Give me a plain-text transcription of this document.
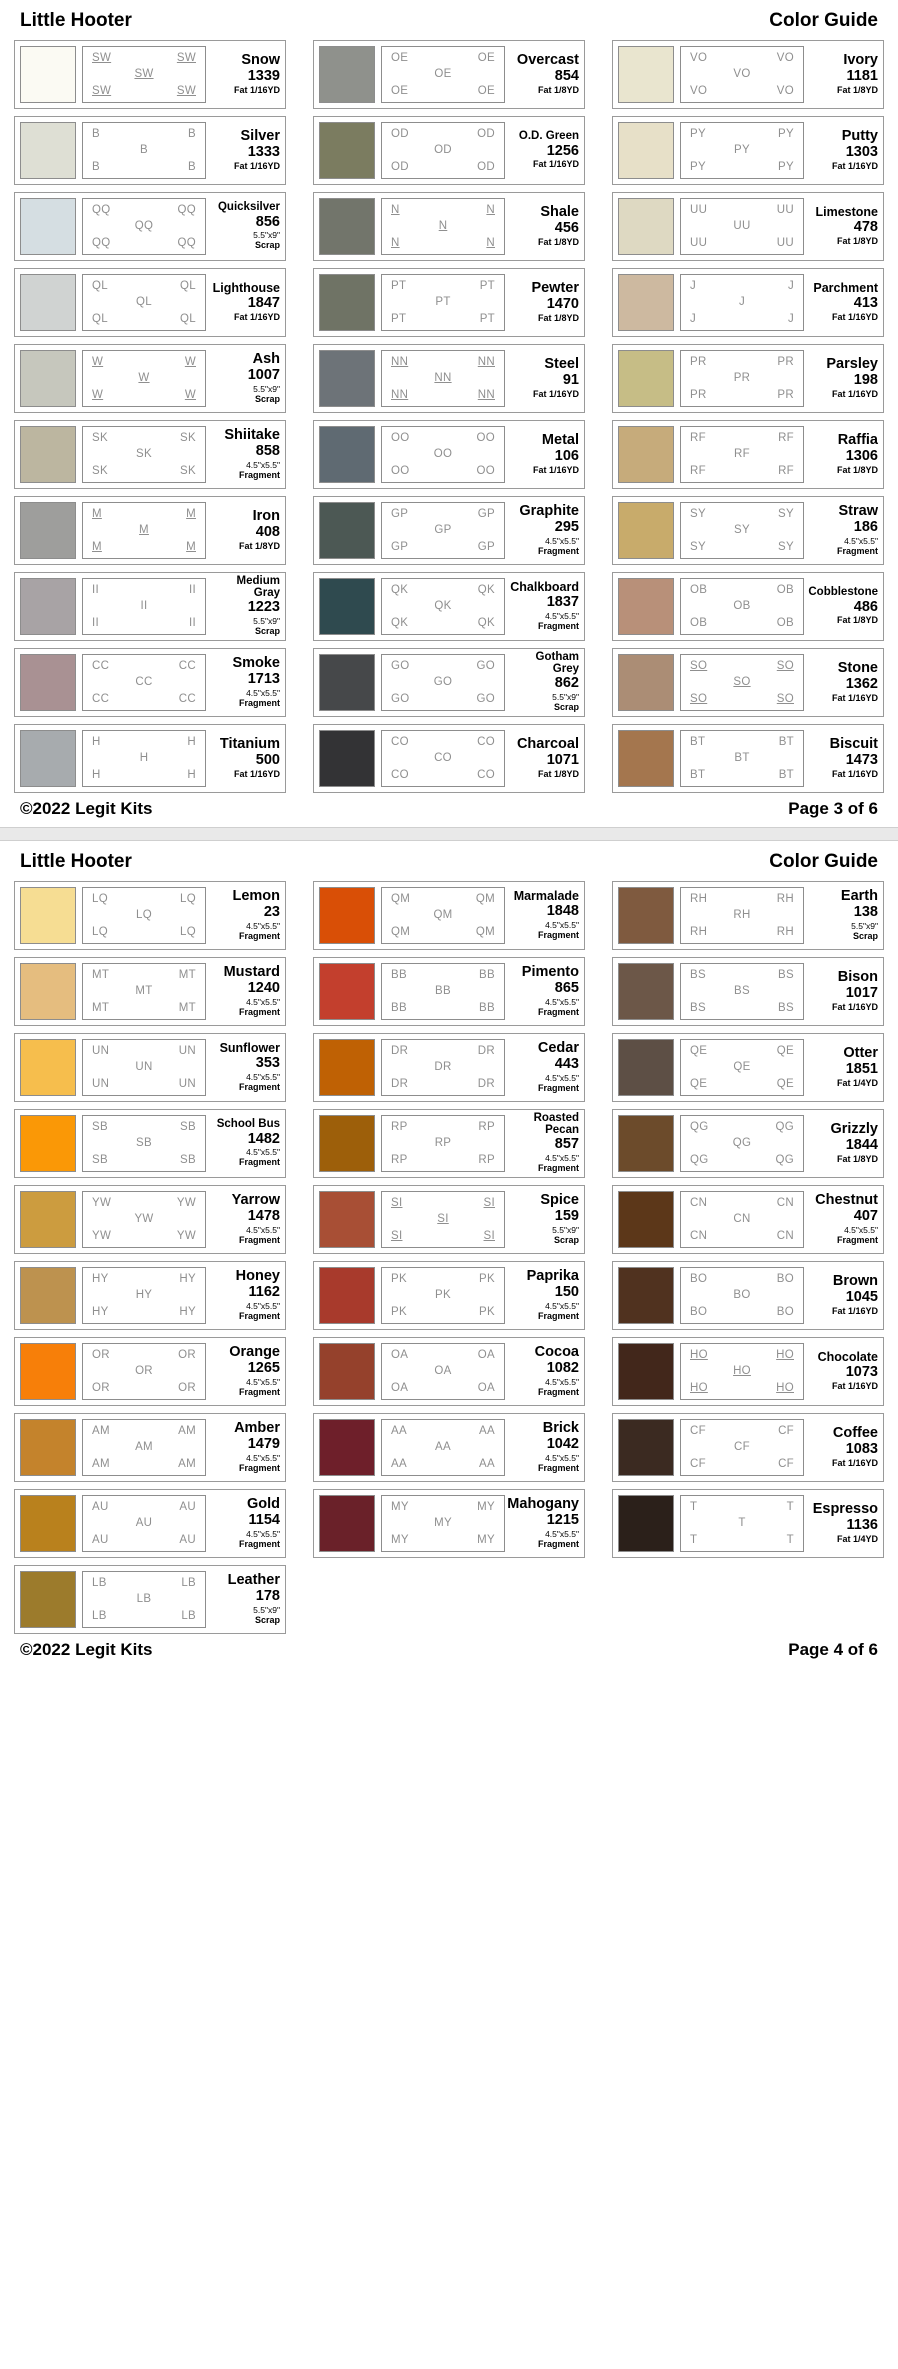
Little Hooter	Color Guide
SW	SW
SW
SW	SW
Snow
1339
Fat 1/16YD
B	B
B
B	B
Silver
1333
Fat 1/16YD
QQ	QQ
QQ
QQ	QQ
Quicksilver
856
5.5"x9"
Scrap
QL	QL
QL
QL	QL
Lighthouse
1847
Fat 1/16YD
W	W
W
W	W
Ash
1007
5.5"x9"
Scrap
SK	SK
SK
SK	SK
Shiitake
858
4.5"x5.5"
Fragment
M	M
M
M	M
Iron
408
Fat 1/8YD
II	II
II
II	II
Medium Gray
1223
5.5"x9"
Scrap
CC	CC
CC
CC	CC
Smoke
1713
4.5"x5.5"
Fragment
H	H
H
H	H
Titanium
500
Fat 1/16YD
OE	OE
OE
OE	OE
Overcast
854
Fat 1/8YD
OD	OD
OD
OD	OD
O.D. Green
1256
Fat 1/16YD
N	N
N
N	N
Shale
456
Fat 1/8YD
PT	PT
PT
PT	PT
Pewter
1470
Fat 1/8YD
NN	NN
NN
NN	NN
Steel
91
Fat 1/16YD
OO	OO
OO
OO	OO
Metal
106
Fat 1/16YD
GP	GP
GP
GP	GP
Graphite
295
4.5"x5.5"
Fragment
QK	QK
QK
QK	QK
Chalkboard
1837
4.5"x5.5"
Fragment
GO	GO
GO
GO	GO
Gotham Grey
862
5.5"x9"
Scrap
CO	CO
CO
CO	CO
Charcoal
1071
Fat 1/8YD
VO	VO
VO
VO	VO
Ivory
1181
Fat 1/8YD
PY	PY
PY
PY	PY
Putty
1303
Fat 1/16YD
UU	UU
UU
UU	UU
Limestone
478
Fat 1/8YD
J	J
J
J	J
Parchment
413
Fat 1/16YD
PR	PR
PR
PR	PR
Parsley
198
Fat 1/16YD
RF	RF
RF
RF	RF
Raffia
1306
Fat 1/8YD
SY	SY
SY
SY	SY
Straw
186
4.5"x5.5"
Fragment
OB	OB
OB
OB	OB
Cobblestone
486
Fat 1/8YD
SO	SO
SO
SO	SO
Stone
1362
Fat 1/16YD
BT	BT
BT
BT	BT
Biscuit
1473
Fat 1/16YD
©2022 Legit Kits	Page 3 of 6
Little Hooter	Color Guide
LQ	LQ
LQ
LQ	LQ
Lemon
23
4.5"x5.5"
Fragment
MT	MT
MT
MT	MT
Mustard
1240
4.5"x5.5"
Fragment
UN	UN
UN
UN	UN
Sunflower
353
4.5"x5.5"
Fragment
SB	SB
SB
SB	SB
School Bus
1482
4.5"x5.5"
Fragment
YW	YW
YW
YW	YW
Yarrow
1478
4.5"x5.5"
Fragment
HY	HY
HY
HY	HY
Honey
1162
4.5"x5.5"
Fragment
OR	OR
OR
OR	OR
Orange
1265
4.5"x5.5"
Fragment
AM	AM
AM
AM	AM
Amber
1479
4.5"x5.5"
Fragment
AU	AU
AU
AU	AU
Gold
1154
4.5"x5.5"
Fragment
LB	LB
LB
LB	LB
Leather
178
5.5"x9"
Scrap
QM	QM
QM
QM	QM
Marmalade
1848
4.5"x5.5"
Fragment
BB	BB
BB
BB	BB
Pimento
865
4.5"x5.5"
Fragment
DR	DR
DR
DR	DR
Cedar
443
4.5"x5.5"
Fragment
RP	RP
RP
RP	RP
Roasted Pecan
857
4.5"x5.5"
Fragment
SI	SI
SI
SI	SI
Spice
159
5.5"x9"
Scrap
PK	PK
PK
PK	PK
Paprika
150
4.5"x5.5"
Fragment
OA	OA
OA
OA	OA
Cocoa
1082
4.5"x5.5"
Fragment
AA	AA
AA
AA	AA
Brick
1042
4.5"x5.5"
Fragment
MY	MY
MY
MY	MY
Mahogany
1215
4.5"x5.5"
Fragment
RH	RH
RH
RH	RH
Earth
138
5.5"x9"
Scrap
BS	BS
BS
BS	BS
Bison
1017
Fat 1/16YD
QE	QE
QE
QE	QE
Otter
1851
Fat 1/4YD
QG	QG
QG
QG	QG
Grizzly
1844
Fat 1/8YD
CN	CN
CN
CN	CN
Chestnut
407
4.5"x5.5"
Fragment
BO	BO
BO
BO	BO
Brown
1045
Fat 1/16YD
HO	HO
HO
HO	HO
Chocolate
1073
Fat 1/16YD
CF	CF
CF
CF	CF
Coffee
1083
Fat 1/16YD
T	T
T
T	T
Espresso
1136
Fat 1/4YD
©2022 Legit Kits	Page 4 of 6
